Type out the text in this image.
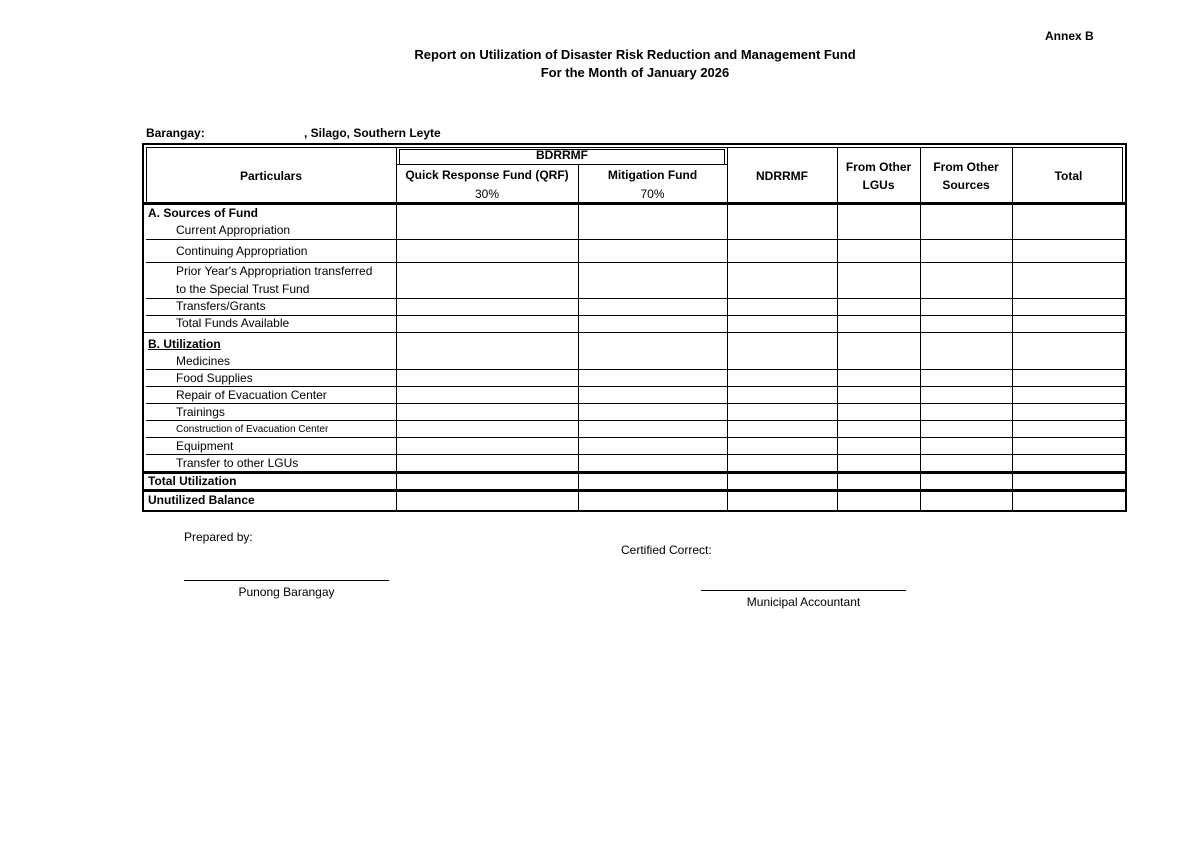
Annex B
Report on Utilization of Disaster Risk Reduction and Management Fund
For the Month of January 2026
Barangay:	, Silago, Southern Leyte
Particulars
BDRRMF
Quick Response Fund (QRF)
30%
Mitigation Fund
70%
NDRRMF
From Other
LGUs
From Other
Sources
Total
A. Sources of Fund
Current Appropriation
Continuing Appropriation
Prior Year's Appropriation transferred
to the Special Trust Fund
Transfers/Grants
Total Funds Available
B. Utilization
Medicines
Food Supplies
Repair of Evacuation Center
Trainings
Construction of Evacuation Center
Equipment
Transfer to other LGUs
Total Utilization
Unutilized Balance
Prepared by:
Certified Correct:
Punong Barangay
Municipal Accountant
